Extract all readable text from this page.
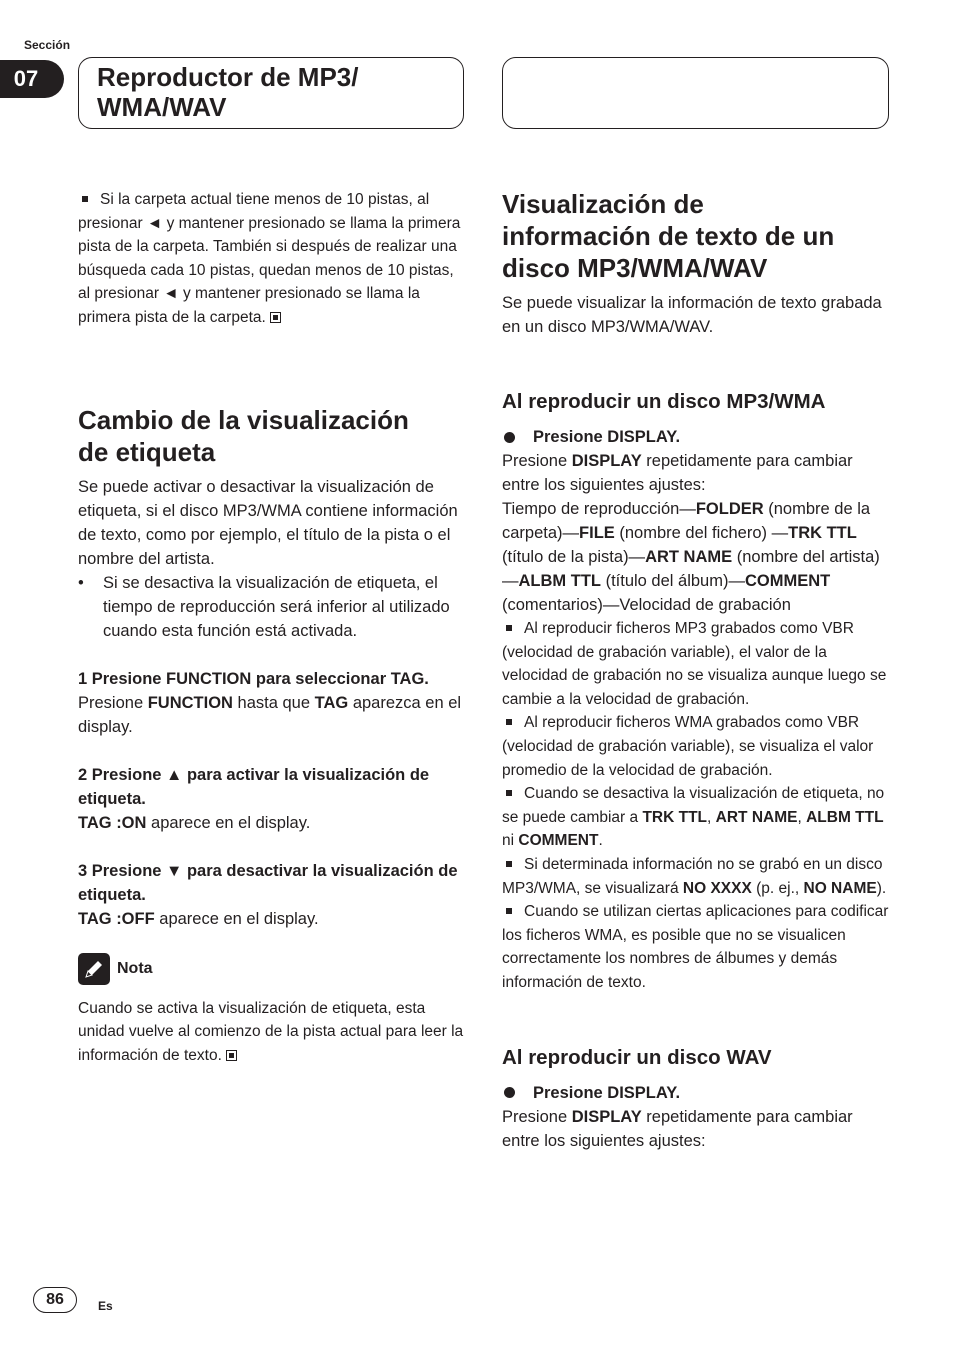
Sección
07	Reproductor de MP3/
WMA/WAV

Si la carpeta actual tiene menos de 10 pistas, al presionar ◄ y mantener presionado se llama la primera pista de la carpeta. También si después de realizar una búsqueda cada 10 pistas, quedan menos de 10 pistas, al presionar ◄ y mantener presionado se llama la primera pista de la carpeta.

Cambio de la visualización
de etiqueta

Se puede activar o desactivar la visualización de etiqueta, si el disco MP3/WMA contiene información de texto, como por ejemplo, el título de la pista o el nombre del artista.

•	Si se desactiva la visualización de etiqueta, el tiempo de reproducción será inferior al utilizado cuando esta función está activada.

1 Presione FUNCTION para seleccionar TAG.

Presione FUNCTION hasta que TAG aparezca en el display.

2 Presione ▲ para activar la visualización de etiqueta.

TAG :ON aparece en el display.

3 Presione ▼ para desactivar la visualización de etiqueta.

TAG :OFF aparece en el display.

Nota

Cuando se activa la visualización de etiqueta, esta unidad vuelve al comienzo de la pista actual para leer la información de texto.

Visualización de
información de texto de un
disco MP3/WMA/WAV

Se puede visualizar la información de texto grabada en un disco MP3/WMA/WAV.

Al reproducir un disco MP3/WMA

Presione DISPLAY.

Presione DISPLAY repetidamente para cambiar entre los siguientes ajustes:

Tiempo de reproducción—FOLDER (nombre de la carpeta)—FILE (nombre del fichero) —TRK TTL (título de la pista)—ART NAME (nombre del artista)—ALBM TTL (título del álbum)—COMMENT (comentarios)—Velocidad de grabación

Al reproducir ficheros MP3 grabados como VBR (velocidad de grabación variable), el valor de la velocidad de grabación no se visualiza aunque luego se cambie a la velocidad de grabación.

Al reproducir ficheros WMA grabados como VBR (velocidad de grabación variable), se visualiza el valor promedio de la velocidad de grabación.

Cuando se desactiva la visualización de etiqueta, no se puede cambiar a TRK TTL, ART NAME, ALBM TTL ni COMMENT.

Si determinada información no se grabó en un disco MP3/WMA, se visualizará NO XXXX (p. ej., NO NAME).

Cuando se utilizan ciertas aplicaciones para codificar los ficheros WMA, es posible que no se visualicen correctamente los nombres de álbumes y demás información de texto.

Al reproducir un disco WAV

Presione DISPLAY.

Presione DISPLAY repetidamente para cambiar entre los siguientes ajustes:

86	Es
